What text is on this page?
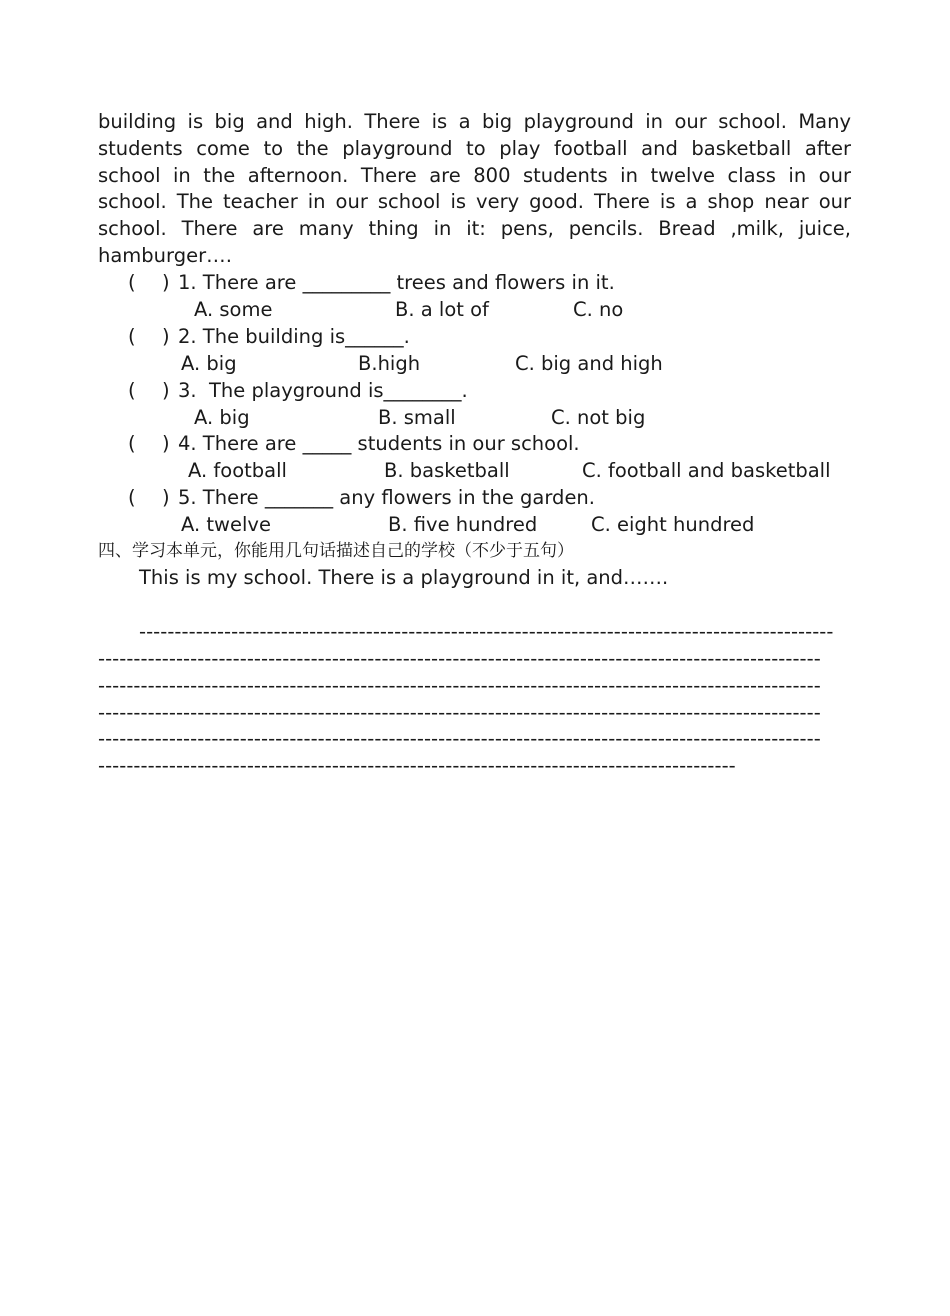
building is big and high. There is a big playground in our school. Many
students come to the playground to play football and basketball after
school in the afternoon. There are 800 students in twelve class in our
school. The teacher in our school is very good. There is a shop near our
school. There are many thing in it: pens, pencils. Bread ,milk, juice,
hamburger‥‥
( ) 1. There are _________ trees and flowers in it.
A. some	B. a lot of	C. no
( ) 2. The building is______.
A. big	B.high	C. big and high
( ) 3.  The playground is________.
A. big	B. small	C. not big
( ) 4. There are _____ students in our school.
A. football	B. basketball	C. football and basketball
( ) 5. There _______ any flowers in the garden.
A. twelve	B. five hundred	C. eight hundred
四、学习本单元，你能用几句话描述自己的学校（不少于五句）
This is my school. There is a playground in it, and…….
--------------------------------------------------------------------------------------------------
------------------------------------------------------------------------------------------------------
------------------------------------------------------------------------------------------------------
------------------------------------------------------------------------------------------------------
------------------------------------------------------------------------------------------------------
------------------------------------------------------------------------------------------
